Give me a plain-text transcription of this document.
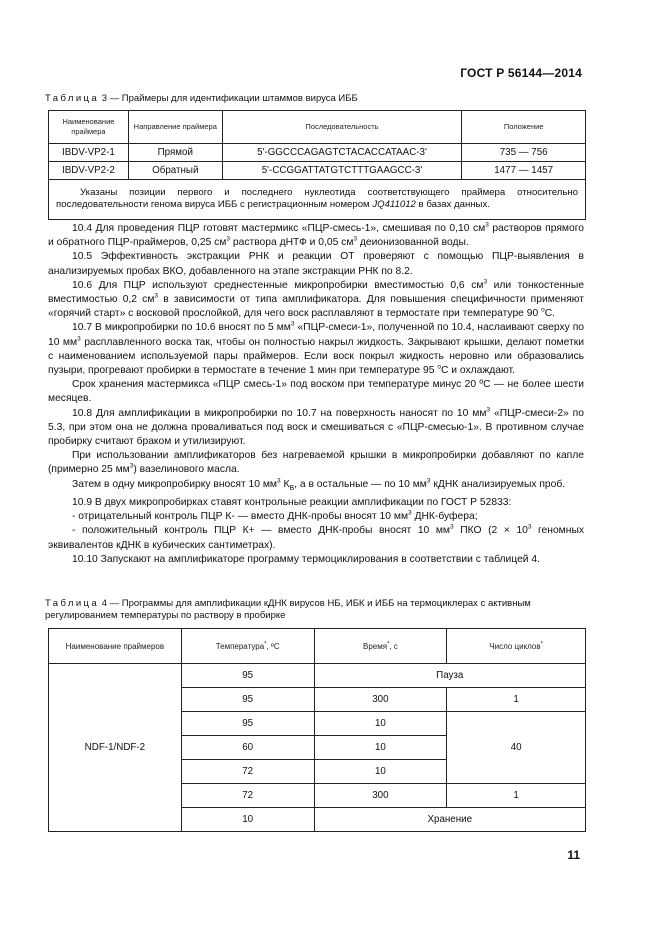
ГОСТ Р 56144—2014
Таблица 3 — Праймеры для идентификации штаммов вируса ИББ
Наименование праймера	Направление праймера	Последовательность	Положение
IBDV-VP2-1	Прямой	5'-GGCCCAGAGTCTACACCATAAC-3'	735 — 756
IBDV-VP2-2	Обратный	5'-CCGGATTATGTCTTTGAAGCC-3'	1477 — 1457
Указаны позиции первого и последнего нуклеотида соответствующего праймера относительно последовательности генома вируса ИББ с регистрационным номером JQ411012 в базах данных.			

10.4 Для проведения ПЦР готовят мастермикс «ПЦР-смесь-1», смешивая по 0,10 $см^3$ растворов прямого и обратного ПЦР-праймеров, 0,25 $см^3$ раствора дНТФ и 0,05 $см^3$ деионизованной воды.

10.5 Эффективность экстракции РНК и реакции ОТ проверяют с помощью ПЦР-выявления в анализируемых пробах ВКО, добавленного на этапе экстракции РНК по 8.2.

10.6 Для ПЦР используют среднестенные микропробирки вместимостью 0,6 $см^3$ или тонкостенные вместимостью 0,2 $см^3$ в зависимости от типа амплификатора. Для повышения специфичности применяют «горячий старт» с восковой прослойкой, для чего воск расплавляют в термостате при температуре 90 $^о$С.

10.7 В микропробирки по 10.6 вносят по 5 $мм^3$ «ПЦР-смеси-1», полученной по 10.4, наслаивают сверху по 10 $мм^3$ расплавленного воска так, чтобы он полностью накрыл жидкость. Закрывают крышки, делают пометки с наименованием используемой пары праймеров. Если воск покрыл жидкость неровно или образовались пузыри, прогревают пробирки в термостате в течение 1 мин при температуре 95 $^о$С и охлаждают.

Срок хранения мастермикса «ПЦР смесь-1» под воском при температуре минус 20 ºС — не более шести месяцев.

10.8 Для амплификации в микропробирки по 10.7 на поверхность наносят по 10 $мм^3$ «ПЦР-смеси-2» по 5.3, при этом она не должна проваливаться под воск и смешиваться с «ПЦР-смесью-1». В противном случае пробирку считают браком и утилизируют.

При использовании амплификаторов без нагреваемой крышки в микропробирки добавляют по капле (примерно 25 $мм^3$) вазелинового масла.

Затем в одну микропробирку вносят 10 $мм^3$ $К_В$, а в остальные — по 10 $мм^3$ кДНК анализируемых проб.

10.9 В двух микропробирках ставят контрольные реакции амплификации по ГОСТ Р 52833:

- отрицательный контроль ПЦР К- — вместо ДНК-пробы вносят 10 $мм^3$ ДНК-буфера;

- положительный контроль ПЦР К+ — вместо ДНК-пробы вносят 10 $мм^3$ ПКО ($2 \times 10^3$ геномных эквивалентов кДНК в кубических сантиметрах).

10.10 Запускают на амплификаторе программу термоциклирования в соответствии с таблицей 4.

Таблица 4 — Программы для амплификации кДНК вирусов НБ, ИБК и ИББ на термоциклерах с активным регулированием температуры по раствору в пробирке
Наименование праймеров	Температура*, ºС	Время*, с	Число циклов*
NDF-1/NDF-2	95	Пауза	
	95	300	1
	95	10	40
	60	10	
	72	10	
	72	300	1
	10	Хранение	
11
